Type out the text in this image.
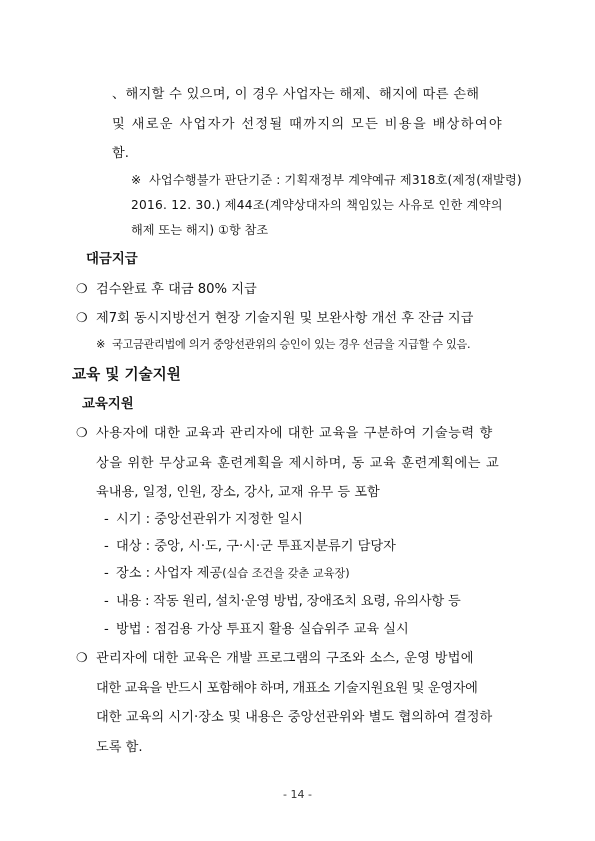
、해지할 수 있으며, 이 경우 사업자는 해제、해지에 따른 손해
및 새로운 사업자가 선정될 때까지의 모든 비용을 배상하여야
함.
※ 사업수행불가 판단기준 : 기획재정부 계약예규 제318호(제정(재발령)
2016. 12. 30.) 제44조(계약상대자의 책임있는 사유로 인한 계약의
해제 또는 해지) ①항 참조
대금지급
❍ 검수완료 후 대금 80% 지급
❍ 제7회 동시지방선거 현장 기술지원 및 보완사항 개선 후 잔금 지급
※ 국고금관리법에 의거 중앙선관위의 승인이 있는 경우 선금을 지급할 수 있음.
교육 및 기술지원
교육지원
❍ 사용자에 대한 교육과 관리자에 대한 교육을 구분하여 기술능력 향
상을 위한 무상교육 훈련계획을 제시하며, 동 교육 훈련계획에는 교
육내용, 일정, 인원, 장소, 강사, 교재 유무 등 포함
- 시기 : 중앙선관위가 지정한 일시
- 대상 : 중앙, 시·도, 구·시·군 투표지분류기 담당자
- 장소 : 사업자 제공(실습 조건을 갖춘 교육장)
- 내용 : 작동 원리, 설치·운영 방법, 장애조치 요령, 유의사항 등
- 방법 : 점검용 가상 투표지 활용 실습위주 교육 실시
❍ 관리자에 대한 교육은 개발 프로그램의 구조와 소스, 운영 방법에
대한 교육을 반드시 포함해야 하며, 개표소 기술지원요원 및 운영자에
대한 교육의 시기·장소 및 내용은 중앙선관위와 별도 협의하여 결정하
도록 함.
- 14 -
